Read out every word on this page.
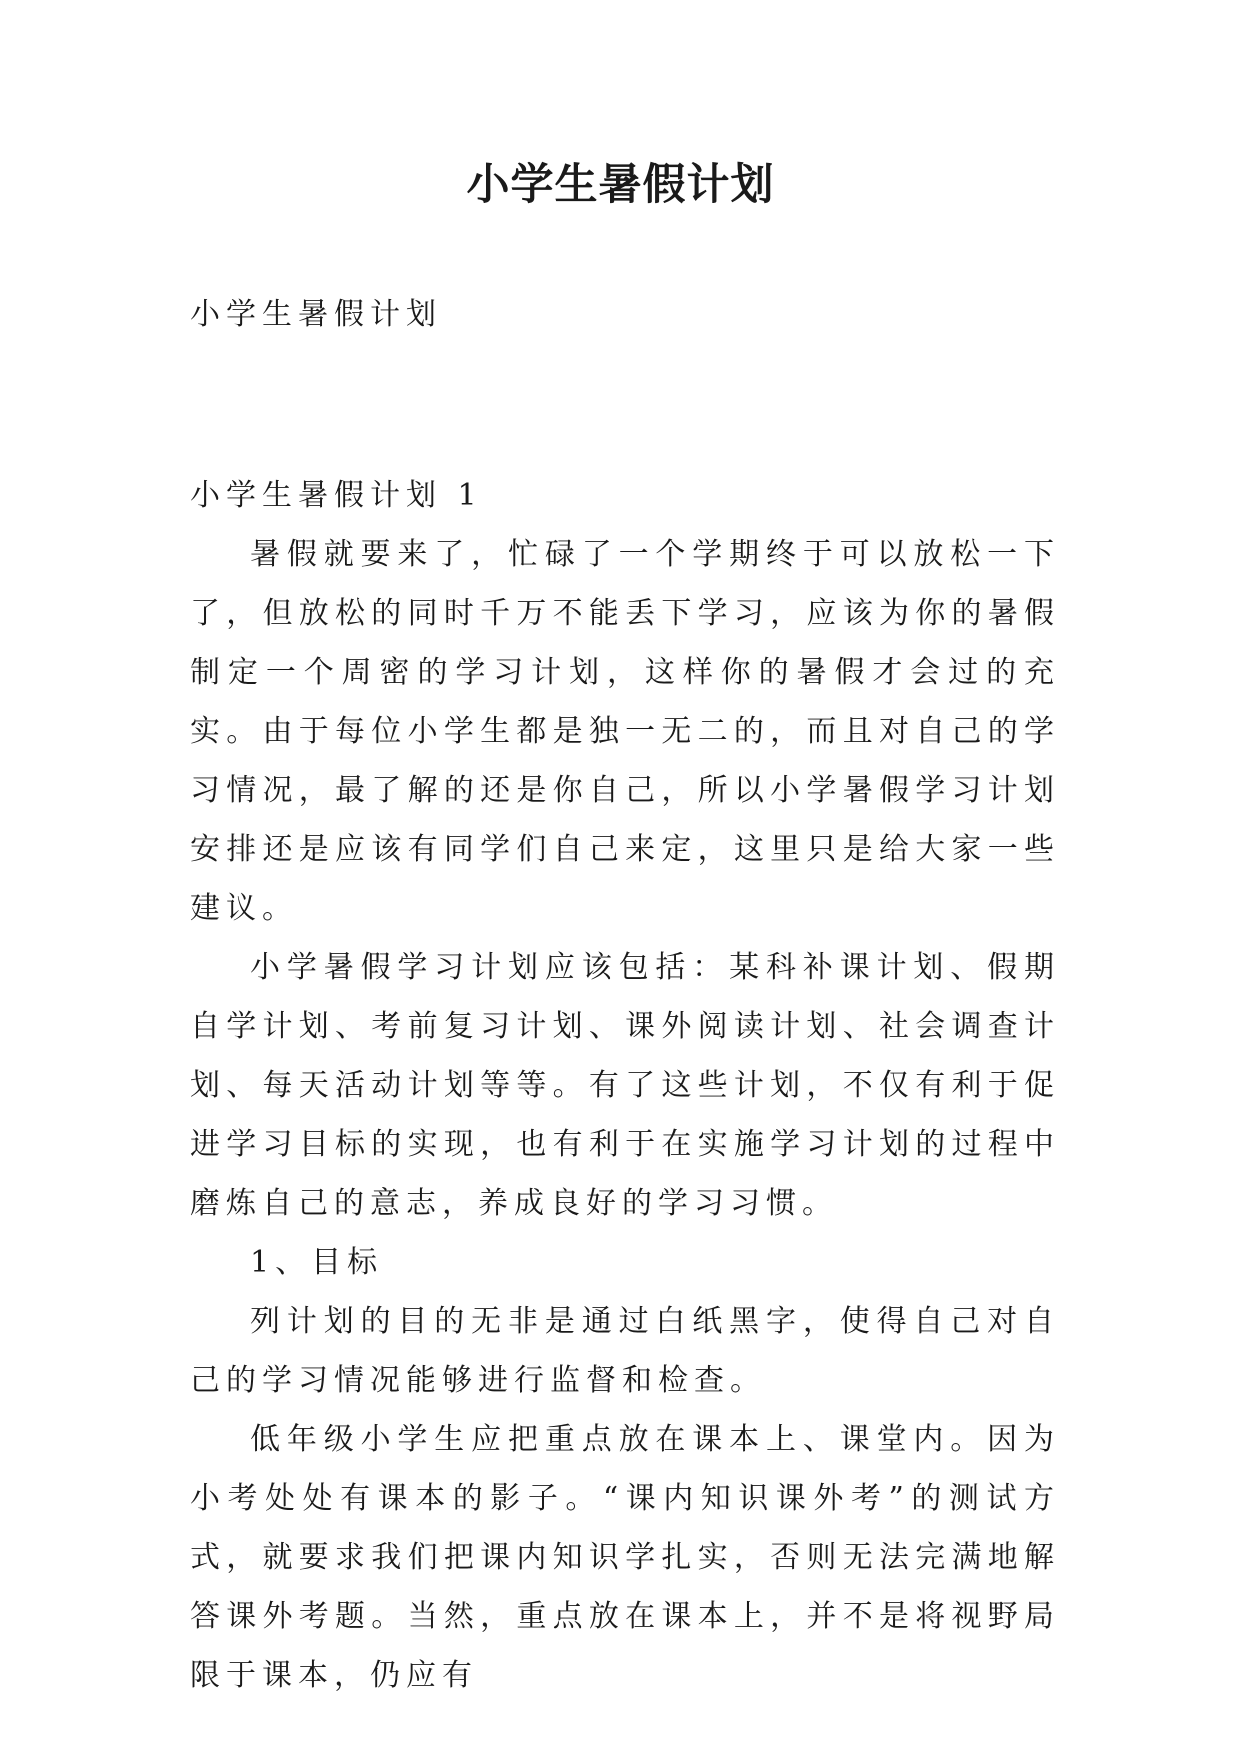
小学生暑假计划

小学生暑假计划

小学生暑假计划 1

暑假就要来了，忙碌了一个学期终于可以放松一下了，但放松的同时千万不能丢下学习，应该为你的暑假制定一个周密的学习计划，这样你的暑假才会过的充实。由于每位小学生都是独一无二的，而且对自己的学习情况，最了解的还是你自己，所以小学暑假学习计划安排还是应该有同学们自己来定，这里只是给大家一些建议。

小学暑假学习计划应该包括：某科补课计划、假期自学计划、考前复习计划、课外阅读计划、社会调查计划、每天活动计划等等。有了这些计划，不仅有利于促进学习目标的实现，也有利于在实施学习计划的过程中磨炼自己的意志，养成良好的学习习惯。

1、目标

列计划的目的无非是通过白纸黑字，使得自己对自己的学习情况能够进行监督和检查。

低年级小学生应把重点放在课本上、课堂内。因为小考处处有课本的影子。“课内知识课外考”的测试方式，就要求我们把课内知识学扎实，否则无法完满地解答课外考题。当然，重点放在课本上，并不是将视野局限于课本，仍应有
